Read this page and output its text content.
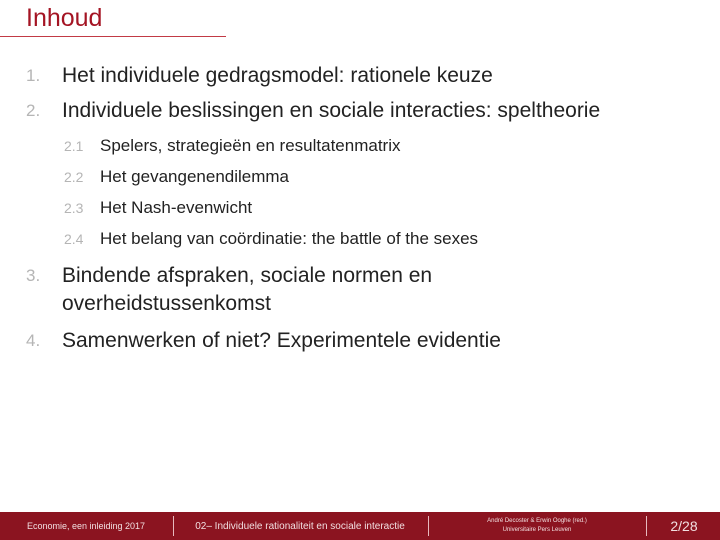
Inhoud
1. Het individuele gedragsmodel: rationele keuze
2. Individuele beslissingen en sociale interacties: speltheorie
2.1 Spelers, strategieën en resultatenmatrix
2.2 Het gevangenendilemma
2.3 Het Nash-evenwicht
2.4 Het belang van coördinatie: the battle of the sexes
3. Bindende afspraken, sociale normen en
overheidstussenkomst
4. Samenwerken of niet? Experimentele evidentie
Economie, een inleiding 2017	02– Individuele rationaliteit en sociale interactie	André Decoster & Erwin Ooghe (red.)
Universitaire Pers Leuven	2/28
